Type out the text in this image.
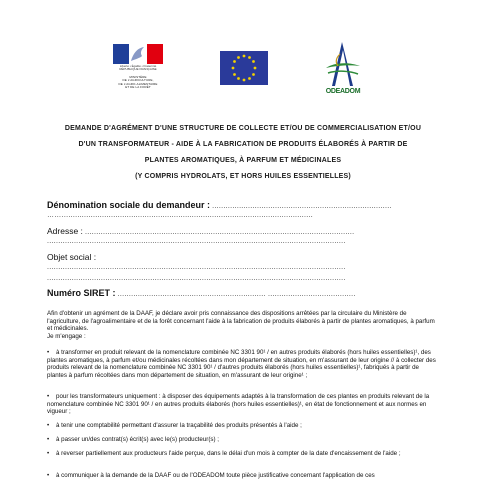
Liberté • Égalité • Fraternité
RÉPUBLIQUE FRANÇAISE
MINISTÈRE
DE L'AGRICULTURE,
DE L'AGRO-ALIMENTAIRE
ET DE LA FORÊT
ODEADOM
DEMANDE D'AGRÉMENT D'UNE STRUCTURE DE COLLECTE ET/OU DE COMMERCIALISATION ET/OU
D'UN TRANSFORMATEUR - AIDE À LA FABRICATION DE PRODUITS ÉLABORÉS À PARTIR DE
PLANTES AROMATIQUES, À PARFUM ET MÉDICINALES
(Y COMPRIS HYDROLATS, ET HORS HUILES ESSENTIELLES)
Dénomination sociale du demandeur : ................................................................................
……................................................................................................................
Adresse : ........................................................................................................................
.....................................................................................................................................
Objet social :
.....................................................................................................................................
.....................................................................................................................................
Numéro SIRET : .................................................................. .......................................
Afin d'obtenir un agrément de la DAAF, je déclare avoir pris connaissance des dispositions arrêtées par la circulaire du Ministère de l'agriculture, de l'agroalimentaire et de la forêt concernant l'aide à la fabrication de produits élaborés à partir de plantes aromatiques, à parfum et médicinales.
Je m'engage :
• à transformer en produit relevant de la nomenclature combinée NC 3301 90¹ / en autres produits élaborés (hors huiles essentielles)¹, des plantes aromatiques, à parfum et/ou médicinales récoltées dans mon département de situation, en m'assurant de leur origine // à collecter des produits relevant de la nomenclature combinée NC 3301 90¹ / d'autres produits élaborés (hors huiles essentielles)¹, fabriqués à partir de plantes à parfum récoltées dans mon département de situation, en m'assurant de leur origine¹ ;
• pour les transformateurs uniquement : à disposer des équipements adaptés à la transformation de ces plantes en produits relevant de la nomenclature combinée NC 3301 90¹ / en autres produits élaborés (hors huiles essentielles)¹, en état de fonctionnement et aux normes en vigueur ;
• à tenir une comptabilité permettant d'assurer la traçabilité des produits présentés à l'aide ;
• à passer un/des contrat(s) écrit(s) avec le(s) producteur(s) ;
• à reverser partiellement aux producteurs l'aide perçue, dans le délai d'un mois à compter de la date d'encaissement de l'aide ;
• à communiquer à la demande de la DAAF ou de l'ODEADOM toute pièce justificative concernant l'application de ces
